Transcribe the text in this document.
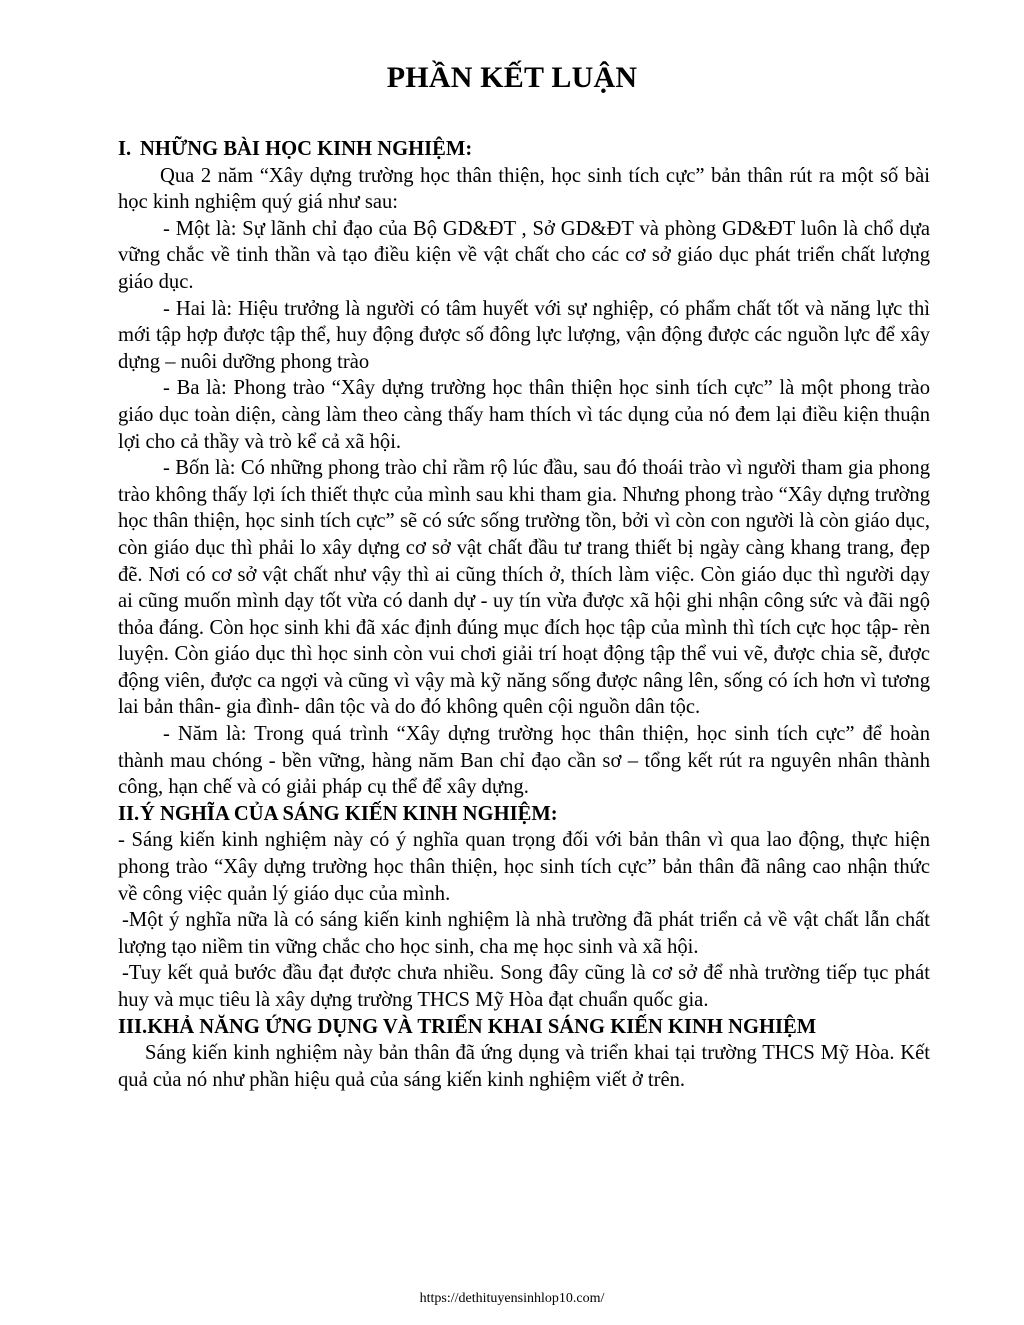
PHẦN KẾT LUẬN
I. NHỮNG BÀI HỌC KINH NGHIỆM:

Qua 2 năm “Xây dựng trường học thân thiện, học sinh tích cực” bản thân rút ra một số bài học kinh nghiệm quý giá như sau:

- Một là: Sự lãnh chỉ đạo của Bộ GD&ĐT , Sở GD&ĐT và phòng GD&ĐT luôn là chổ dựa vững chắc về tinh thần và tạo điều kiện về vật chất cho các cơ sở giáo dục phát triển chất lượng giáo dục.

- Hai là: Hiệu trưởng là người có tâm huyết với sự nghiệp, có phẩm chất tốt và năng lực thì mới tập hợp được tập thể, huy động được số đông lực lượng, vận động được các nguồn lực để xây dựng – nuôi dưỡng phong trào

- Ba là: Phong trào “Xây dựng trường học thân thiện học sinh tích cực” là một phong trào giáo dục toàn diện, càng làm theo càng thấy ham thích vì tác dụng của nó đem lại điều kiện thuận lợi cho cả thầy và trò kể cả xã hội.

- Bốn là: Có những phong trào chỉ rầm rộ lúc đầu, sau đó thoái trào vì người tham gia phong trào không thấy lợi ích thiết thực của mình sau khi tham gia. Nhưng phong trào “Xây dựng trường học thân thiện, học sinh tích cực” sẽ có sức sống trường tồn, bởi vì còn con người là còn giáo dục, còn giáo dục thì phải lo xây dựng cơ sở vật chất đầu tư trang thiết bị ngày càng khang trang, đẹp đẽ. Nơi có cơ sở vật chất như vậy thì ai cũng thích ở, thích làm việc. Còn giáo dục thì người dạy ai cũng muốn mình dạy tốt vừa có danh dự - uy tín vừa được xã hội ghi nhận công sức và đãi ngộ thỏa đáng. Còn học sinh khi đã xác định đúng mục đích học tập của mình thì tích cực học tập- rèn luyện. Còn giáo dục thì học sinh còn vui chơi giải trí hoạt động tập thể vui vẽ, được chia sẽ, được động viên, được ca ngợi và cũng vì vậy mà kỹ năng sống được nâng lên, sống có ích hơn vì tương lai bản thân- gia đình- dân tộc và do đó không quên cội nguồn dân tộc.

- Năm là: Trong quá trình “Xây dựng trường học thân thiện, học sinh tích cực” để hoàn thành mau chóng - bền vững, hàng năm Ban chỉ đạo cần sơ – tổng kết rút ra nguyên nhân thành công, hạn chế và có giải pháp cụ thể để xây dựng.

II.Ý NGHĨA CỦA SÁNG KIẾN KINH NGHIỆM:

- Sáng kiến kinh nghiệm này có ý nghĩa quan trọng đối với bản thân vì qua lao động, thực hiện phong trào “Xây dựng trường học thân thiện, học sinh tích cực” bản thân đã nâng cao nhận thức về công việc quản lý giáo dục của mình.

-Một ý nghĩa nữa là có sáng kiến kinh nghiệm là nhà trường đã phát triển cả về vật chất lẫn chất lượng tạo niềm tin vững chắc cho học sinh, cha mẹ học sinh và xã hội.

-Tuy kết quả bước đầu đạt được chưa nhiều. Song đây cũng là cơ sở để nhà trường tiếp tục phát huy và mục tiêu là xây dựng trường THCS Mỹ Hòa đạt chuẩn quốc gia.

III.KHẢ NĂNG ỨNG DỤNG VÀ TRIỂN KHAI SÁNG KIẾN KINH NGHIỆM

Sáng kiến kinh nghiệm này bản thân đã ứng dụng và triển khai tại trường THCS Mỹ Hòa. Kết quả của nó như phần hiệu quả của sáng kiến kinh nghiệm viết ở trên.

https://dethituyensinhlop10.com/
